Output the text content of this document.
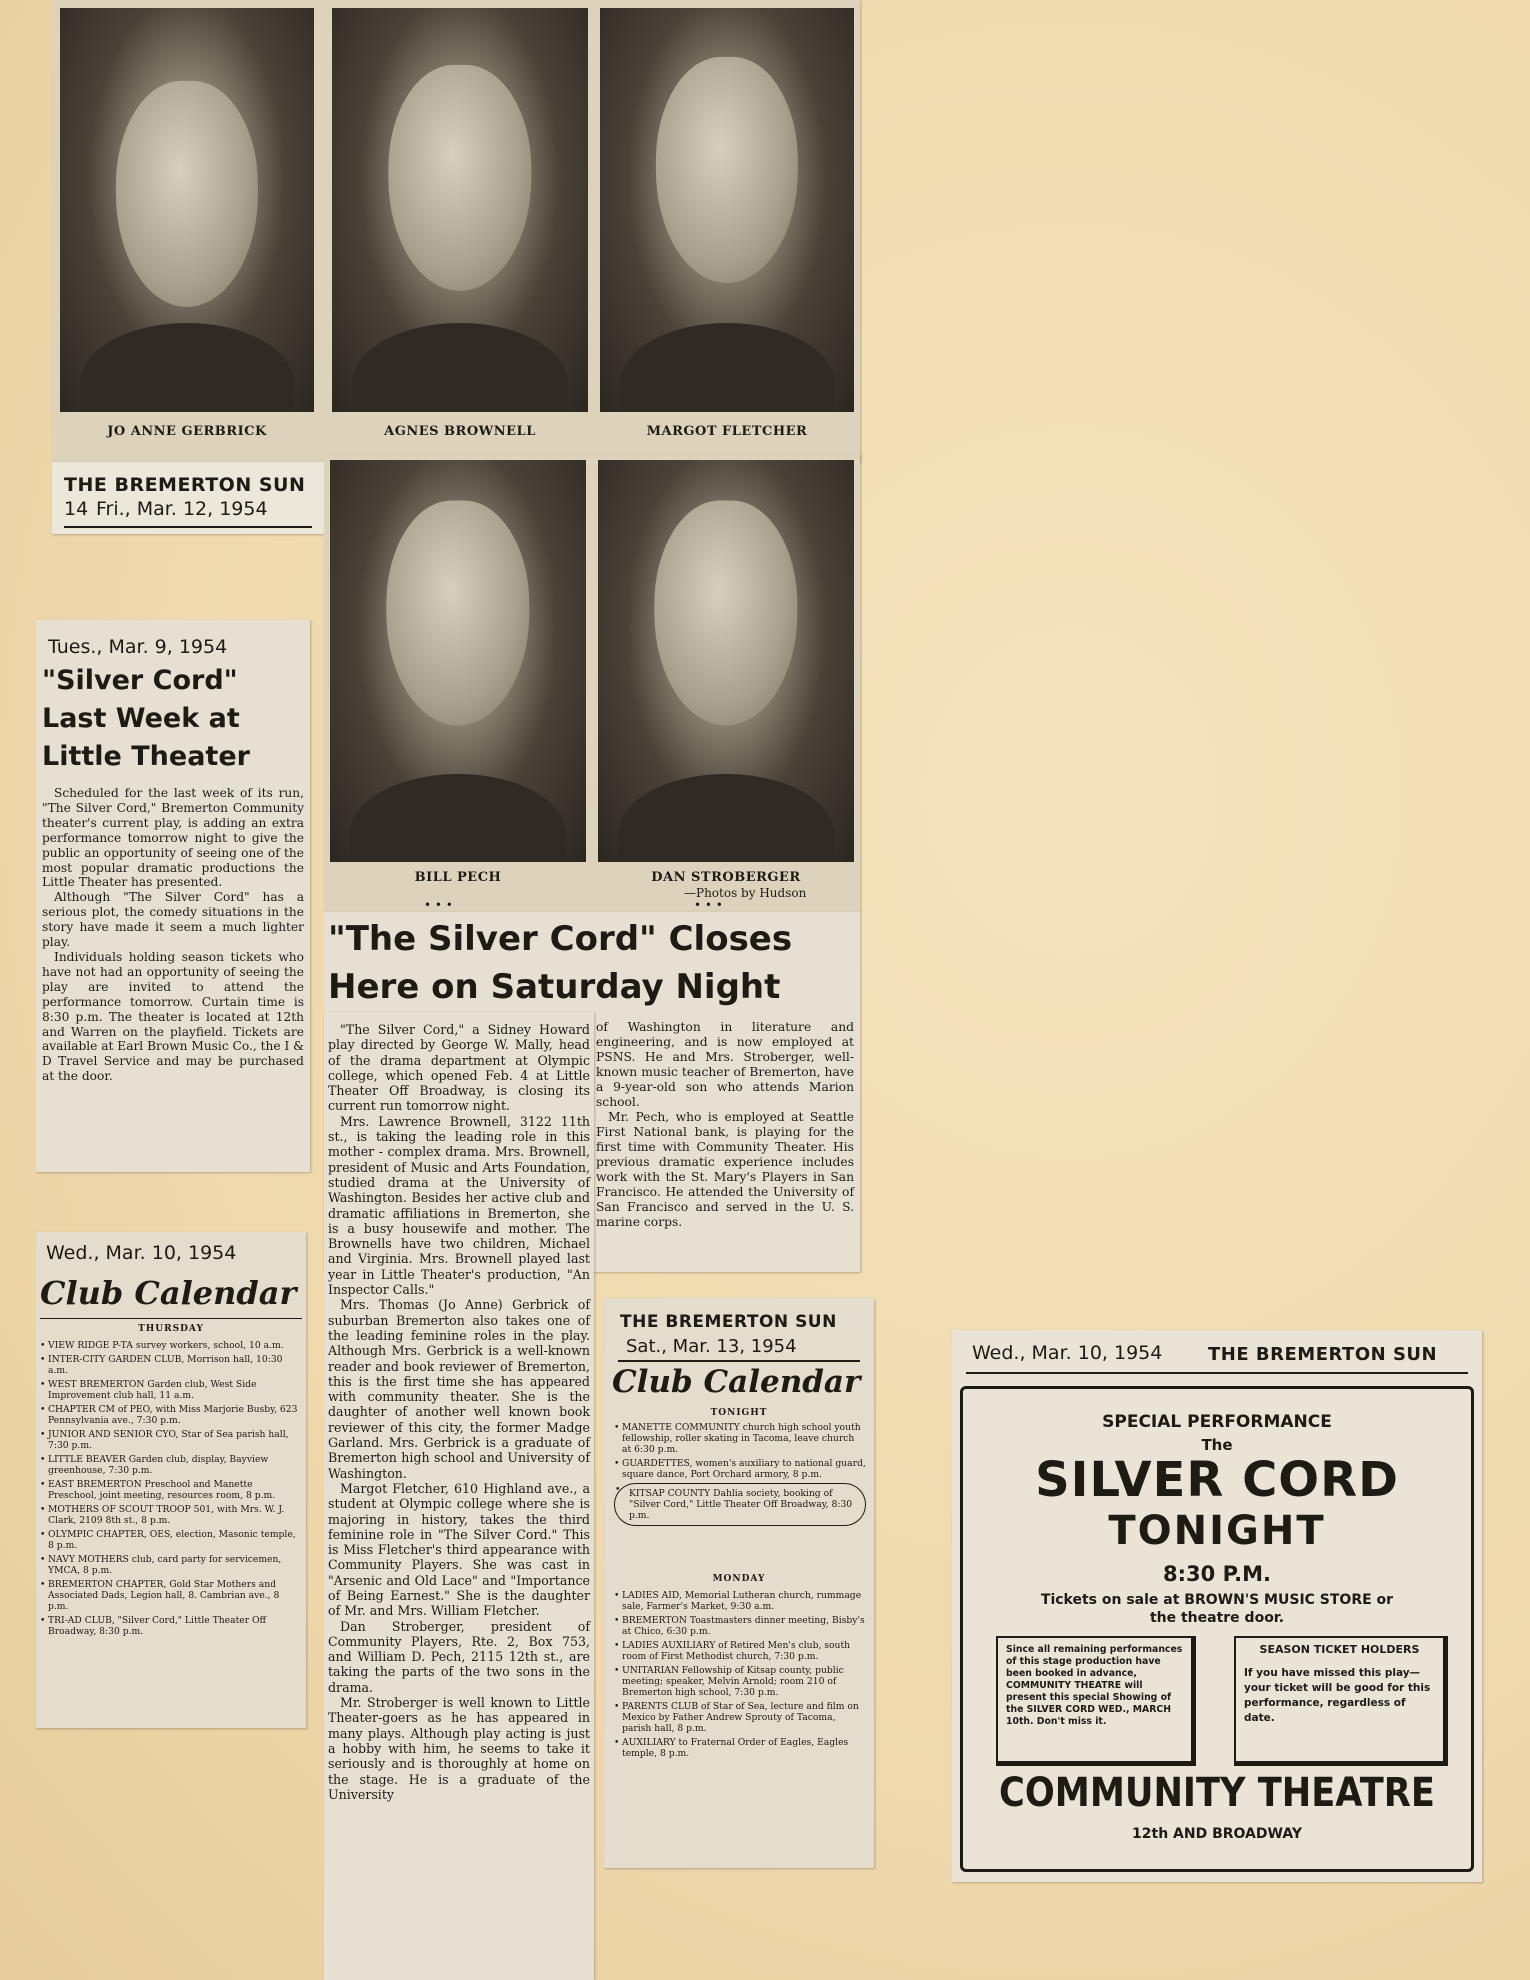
JO ANNE GERBRICK	AGNES BROWNELL	MARGOT FLETCHER
THE BREMERTON SUN
14 Fri., Mar. 12, 1954
BILL PECH	DAN STROBERGER
—Photos by Hudson
• • •	• • •
Tues., Mar. 9, 1954
"Silver Cord"
Last Week at
Little Theater

Scheduled for the last week of its run, "The Silver Cord," Bremerton Community theater's current play, is adding an extra performance tomorrow night to give the public an opportunity of seeing one of the most popular dramatic productions the Little Theater has presented.

Although "The Silver Cord" has a serious plot, the comedy situations in the story have made it seem a much lighter play.

Individuals holding season tickets who have not had an opportunity of seeing the play are invited to attend the performance tomorrow. Curtain time is 8:30 p.m. The theater is located at 12th and Warren on the playfield. Tickets are available at Earl Brown Music Co., the I & D Travel Service and may be purchased at the door.

"The Silver Cord" Closes
Here on Saturday Night

of Washington in literature and engineering, and is now employed at PSNS. He and Mrs. Stroberger, well-known music teacher of Bremerton, have a 9-year-old son who attends Marion school.

Mr. Pech, who is employed at Seattle First National bank, is playing for the first time with Community Theater. His previous dramatic experience includes work with the St. Mary's Players in San Francisco. He attended the University of San Francisco and served in the U. S. marine corps.

"The Silver Cord," a Sidney Howard play directed by George W. Mally, head of the drama department at Olympic college, which opened Feb. 4 at Little Theater Off Broadway, is closing its current run tomorrow night.

Mrs. Lawrence Brownell, 3122 11th st., is taking the leading role in this mother - complex drama. Mrs. Brownell, president of Music and Arts Foundation, studied drama at the University of Washington. Besides her active club and dramatic affiliations in Bremerton, she is a busy housewife and mother. The Brownells have two children, Michael and Virginia. Mrs. Brownell played last year in Little Theater's production, "An Inspector Calls."

Mrs. Thomas (Jo Anne) Gerbrick of suburban Bremerton also takes one of the leading feminine roles in the play. Although Mrs. Gerbrick is a well-known reader and book reviewer of Bremerton, this is the first time she has appeared with community theater. She is the daughter of another well known book reviewer of this city, the former Madge Garland. Mrs. Gerbrick is a graduate of Bremerton high school and University of Washington.

Margot Fletcher, 610 Highland ave., a student at Olympic college where she is majoring in history, takes the third feminine role in "The Silver Cord." This is Miss Fletcher's third appearance with Community Players. She was cast in "Arsenic and Old Lace" and "Importance of Being Earnest." She is the daughter of Mr. and Mrs. William Fletcher.

Dan Stroberger, president of Community Players, Rte. 2, Box 753, and William D. Pech, 2115 12th st., are taking the parts of the two sons in the drama.

Mr. Stroberger is well known to Little Theater-goers as he has appeared in many plays. Although play acting is just a hobby with him, he seems to take it seriously and is thoroughly at home on the stage. He is a graduate of the University

Wed., Mar. 10, 1954
Club Calendar
THURSDAY
• VIEW RIDGE P-TA survey workers, school, 10 a.m.
• INTER-CITY GARDEN CLUB, Morrison hall, 10:30 a.m.
• WEST BREMERTON Garden club, West Side Improvement club hall, 11 a.m.
• CHAPTER CM of PEO, with Miss Marjorie Busby, 623 Pennsylvania ave., 7:30 p.m.
• JUNIOR AND SENIOR CYO, Star of Sea parish hall, 7:30 p.m.
• LITTLE BEAVER Garden club, display, Bayview greenhouse, 7:30 p.m.
• EAST BREMERTON Preschool and Manette Preschool, joint meeting, resources room, 8 p.m.
• MOTHERS OF SCOUT TROOP 501, with Mrs. W. J. Clark, 2109 8th st., 8 p.m.
• OLYMPIC CHAPTER, OES, election, Masonic temple, 8 p.m.
• NAVY MOTHERS club, card party for servicemen, YMCA, 8 p.m.
• BREMERTON CHAPTER, Gold Star Mothers and Associated Dads, Legion hall, 8. Cambrian ave., 8 p.m.
• TRI-AD CLUB, "Silver Cord," Little Theater Off Broadway, 8:30 p.m.
THE BREMERTON SUN
Sat., Mar. 13, 1954
Club Calendar
TONIGHT
• MANETTE COMMUNITY church high school youth fellowship, roller skating in Tacoma, leave church at 6:30 p.m.
• GUARDETTES, women's auxiliary to national guard, square dance, Port Orchard armory, 8 p.m.
• KITSAP COUNTY Dahlia society, booking of "Silver Cord," Little Theater Off Broadway, 8:30 p.m.
MONDAY
• LADIES AID, Memorial Lutheran church, rummage sale, Farmer's Market, 9:30 a.m.
• BREMERTON Toastmasters dinner meeting, Bisby's at Chico, 6:30 p.m.
• LADIES AUXILIARY of Retired Men's club, south room of First Methodist church, 7:30 p.m.
• UNITARIAN Fellowship of Kitsap county, public meeting; speaker, Melvin Arnold; room 210 of Bremerton high school, 7:30 p.m.
• PARENTS CLUB of Star of Sea, lecture and film on Mexico by Father Andrew Sprouty of Tacoma, parish hall, 8 p.m.
• AUXILIARY to Fraternal Order of Eagles, Eagles temple, 8 p.m.
Wed., Mar. 10, 1954	THE BREMERTON SUN
SPECIAL PERFORMANCE
The
SILVER CORD
TONIGHT
8:30 P.M.
Tickets on sale at BROWN'S MUSIC STORE or
the theatre door.
Since all remaining performances of this stage production have been booked in advance, COMMUNITY THEATRE will present this special Showing of the SILVER CORD WED., MARCH 10th. Don't miss it.
SEASON TICKET HOLDERS
If you have missed this play—your ticket will be good for this performance, regardless of date.
COMMUNITY THEATRE
12th AND BROADWAY
